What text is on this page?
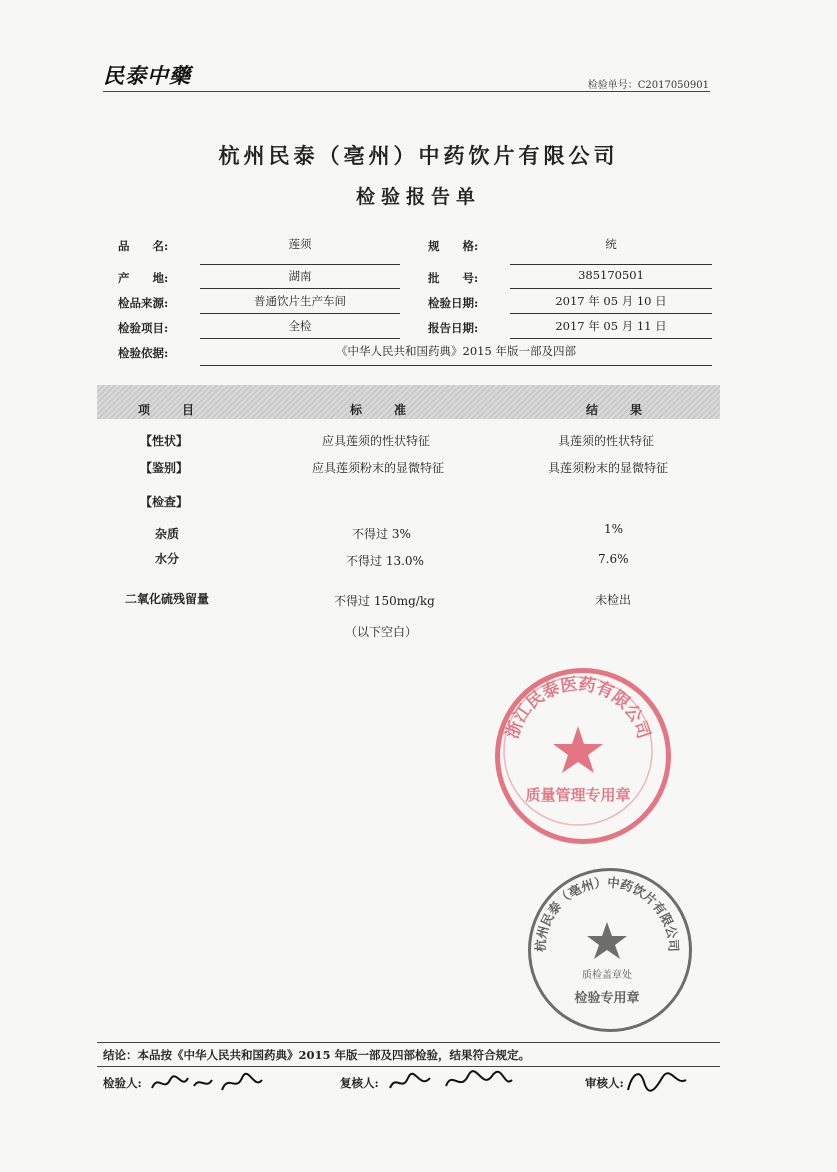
民泰中藥	检验单号：C2017050901
杭州民泰（亳州）中药饮片有限公司
检验报告单
品　　名:	莲须	规　　格:	统
产　　地:	湖南	批　　号:	385170501
检品来源:	普通饮片生产车间	检验日期:	2017 年 05 月 10 日
检验项目:	全检	报告日期:	2017 年 05 月 11 日
检验依据:	《中华人民共和国药典》2015 年版一部及四部
项　目	标　准	结　果
【性状】	应具莲须的性状特征	具莲须的性状特征
【鉴别】	应具莲须粉末的显微特征	具莲须粉末的显微特征
【检查】
杂质	不得过 3%	1%
水分	不得过 13.0%	7.6%
二氧化硫残留量	不得过 150mg/kg	未检出
（以下空白）
浙江民泰医药有限公司
质量管理专用章
杭州民泰（亳州）中药饮片有限公司
质检盖章处
检验专用章
结论：本品按《中华人民共和国药典》2015 年版一部及四部检验，结果符合规定。
检验人:	复核人:	审核人:
